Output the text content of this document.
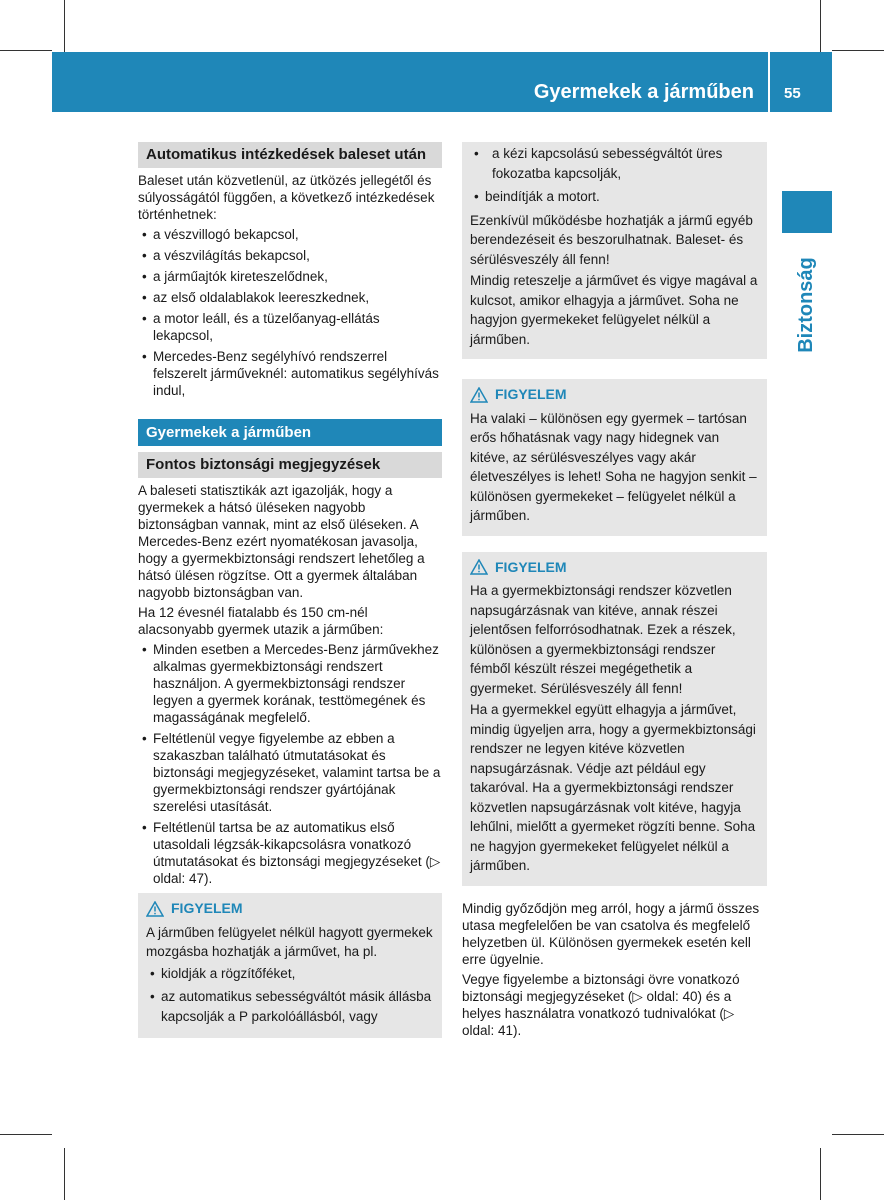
Gyermekek a járműben 55
Biztonság
Automatikus intézkedések baleset után

Baleset után közvetlenül, az ütközés jellegétől és súlyosságától függően, a következő intézkedések történhetnek:

• a vészvillogó bekapcsol,
• a vészvilágítás bekapcsol,
• a járműajtók kireteszelődnek,
• az első oldalablakok leereszkednek,
• a motor leáll, és a tüzelőanyag-ellátás lekapcsol,
• Mercedes-Benz segélyhívó rendszerrel felszerelt járműveknél: automatikus segélyhívás indul,
Gyermekek a járműben
Fontos biztonsági megjegyzések

A baleseti statisztikák azt igazolják, hogy a gyermekek a hátsó üléseken nagyobb biztonságban vannak, mint az első üléseken. A Mercedes-Benz ezért nyomatékosan javasolja, hogy a gyermekbiztonsági rendszert lehetőleg a hátsó ülésen rögzítse. Ott a gyermek általában nagyobb biztonságban van.

Ha 12 évesnél fiatalabb és 150 cm-nél alacsonyabb gyermek utazik a járműben:

• Minden esetben a Mercedes-Benz járművekhez alkalmas gyermekbiztonsági rendszert használjon. A gyermekbiztonsági rendszer legyen a gyermek korának, testtömegének és magasságának megfelelő.
• Feltétlenül vegye figyelembe az ebben a szakaszban található útmutatásokat és biztonsági megjegyzéseket, valamint tartsa be a gyermekbiztonsági rendszer gyártójának szerelési utasítását.
• Feltétlenül tartsa be az automatikus első utasoldali légzsák-kikapcsolásra vonatkozó útmutatásokat és biztonsági megjegyzéseket (▷ oldal: 47).
FIGYELEM

A járműben felügyelet nélkül hagyott gyermekek mozgásba hozhatják a járművet, ha pl.

• kioldják a rögzítőféket,
• az automatikus sebességváltót másik állásba kapcsolják a P parkolóállásból, vagy
• a kézi kapcsolású sebességváltót üres fokozatba kapcsolják,
• beindítják a motort.

Ezenkívül működésbe hozhatják a jármű egyéb berendezéseit és beszorulhatnak. Baleset- és sérülésveszély áll fenn!

Mindig reteszelje a járművet és vigye magával a kulcsot, amikor elhagyja a járművet. Soha ne hagyjon gyermekeket felügyelet nélkül a járműben.

FIGYELEM

Ha valaki – különösen egy gyermek – tartósan erős hőhatásnak vagy nagy hidegnek van kitéve, az sérülésveszélyes vagy akár életveszélyes is lehet! Soha ne hagyjon senkit – különösen gyermekeket – felügyelet nélkül a járműben.

FIGYELEM

Ha a gyermekbiztonsági rendszer közvetlen napsugárzásnak van kitéve, annak részei jelentősen felforrósodhatnak. Ezek a részek, különösen a gyermekbiztonsági rendszer fémből készült részei megégethetik a gyermeket. Sérülésveszély áll fenn!

Ha a gyermekkel együtt elhagyja a járművet, mindig ügyeljen arra, hogy a gyermekbiztonsági rendszer ne legyen kitéve közvetlen napsugárzásnak. Védje azt például egy takaróval. Ha a gyermekbiztonsági rendszer közvetlen napsugárzásnak volt kitéve, hagyja lehűlni, mielőtt a gyermeket rögzíti benne. Soha ne hagyjon gyermekeket felügyelet nélkül a járműben.

Mindig győződjön meg arról, hogy a jármű összes utasa megfelelően be van csatolva és megfelelő helyzetben ül. Különösen gyermekek esetén kell erre ügyelnie.

Vegye figyelembe a biztonsági övre vonatkozó biztonsági megjegyzéseket (▷ oldal: 40) és a helyes használatra vonatkozó tudnivalókat (▷ oldal: 41).
